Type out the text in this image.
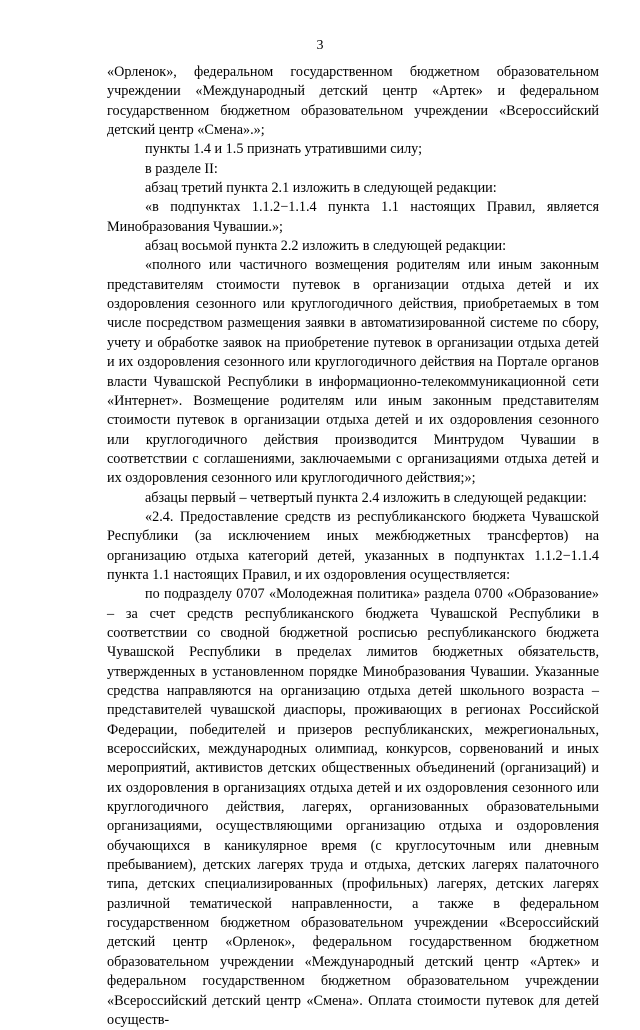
3

«Орленок», федеральном государственном бюджетном образовательном учреждении «Международный детский центр «Артек» и федеральном государственном бюджетном образовательном учреждении «Всероссийский детский центр «Смена».»;

пункты 1.4 и 1.5 признать утратившими силу;

в разделе II:

абзац третий пункта 2.1 изложить в следующей редакции:

«в подпунктах 1.1.2−1.1.4 пункта 1.1 настоящих Правил, является Минобразования Чувашии.»;

абзац восьмой пункта 2.2 изложить в следующей редакции:

«полного или частичного возмещения родителям или иным законным представителям стоимости путевок в организации отдыха детей и их оздоровления сезонного или круглогодичного действия, приобретаемых в том числе посредством размещения заявки в автоматизированной системе по сбору, учету и обработке заявок на приобретение путевок в организации отдыха детей и их оздоровления сезонного или круглогодичного действия на Портале органов власти Чувашской Республики в информационно-телекоммуникационной сети «Интернет». Возмещение родителям или иным законным представителям стоимости путевок в организации отдыха детей и их оздоровления сезонного или круглогодичного действия производится Минтрудом Чувашии в соответствии с соглашениями, заключаемыми с организациями отдыха детей и их оздоровления сезонного или круглогодичного действия;»;

абзацы первый – четвертый пункта 2.4 изложить в следующей редакции:

«2.4. Предоставление средств из республиканского бюджета Чувашской Республики (за исключением иных межбюджетных трансфертов) на организацию отдыха категорий детей, указанных в подпунктах 1.1.2−1.1.4 пункта 1.1 настоящих Правил, и их оздоровления осуществляется:

по подразделу 0707 «Молодежная политика» раздела 0700 «Образование» – за счет средств республиканского бюджета Чувашской Республики в соответствии со сводной бюджетной росписью республиканского бюджета Чувашской Республики в пределах лимитов бюджетных обязательств, утвержденных в установленном порядке Минобразования Чувашии. Указанные средства направляются на организацию отдыха детей школьного возраста – представителей чувашской диаспоры, проживающих в регионах Российской Федерации, победителей и призеров республиканских, межрегиональных, всероссийских, международных олимпиад, конкурсов, сорвенований и иных мероприятий, активистов детских общественных объединений (организаций) и их оздоровления в организациях отдыха детей и их оздоровления сезонного или круглогодичного действия, лагерях, организованных образовательными организациями, осуществляющими организацию отдыха и оздоровления обучающихся в каникулярное время (с круглосуточным или дневным пребыванием), детских лагерях труда и отдыха, детских лагерях палаточного типа, детских специализированных (профильных) лагерях, детских лагерях различной тематической направленности, а также в федеральном государственном бюджетном образовательном учреждении «Всероссийский детский центр «Орленок», федеральном государственном бюджетном образовательном учреждении «Международный детский центр «Артек» и федеральном государственном бюджетном образовательном учреждении «Всероссийский детский центр «Смена». Оплата стоимости путевок для детей осуществ-
